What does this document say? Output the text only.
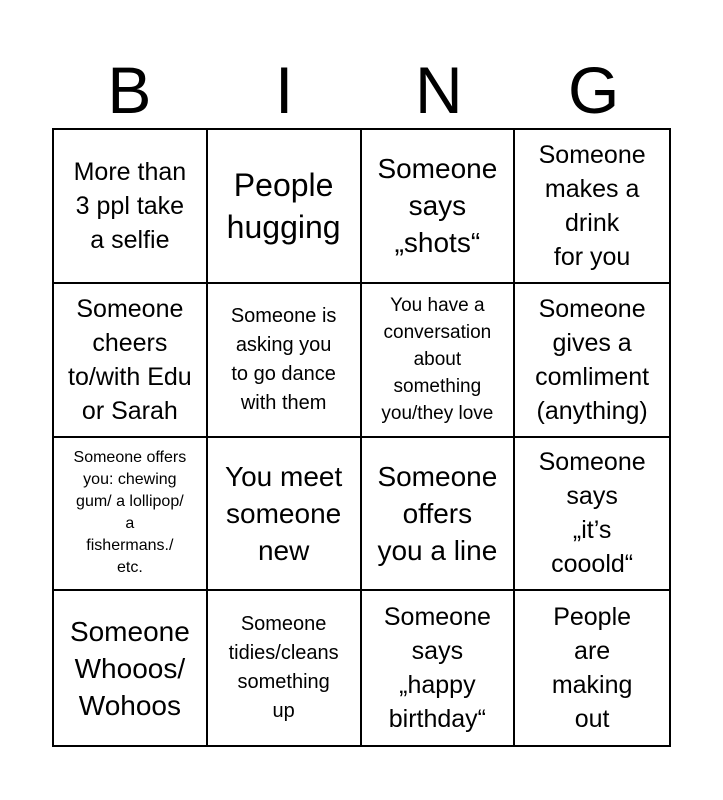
B	I	N	G
More than
3 ppl take
a selfie
People
hugging
Someone
says
„shots“
Someone
makes a
drink
for you
Someone
cheers
to/with Edu
or Sarah
Someone is
asking you
to go dance
with them
You have a
conversation
about
something
you/they love
Someone
gives a
comliment
(anything)
Someone offers
you: chewing
gum/ a lollipop/
a
fishermans./
etc.
You meet
someone
new
Someone
offers
you a line
Someone
says
„it’s
cooold“
Someone
Whooos/
Wohoos
Someone
tidies/cleans
something
up
Someone
says
„happy
birthday“
People
are
making
out
